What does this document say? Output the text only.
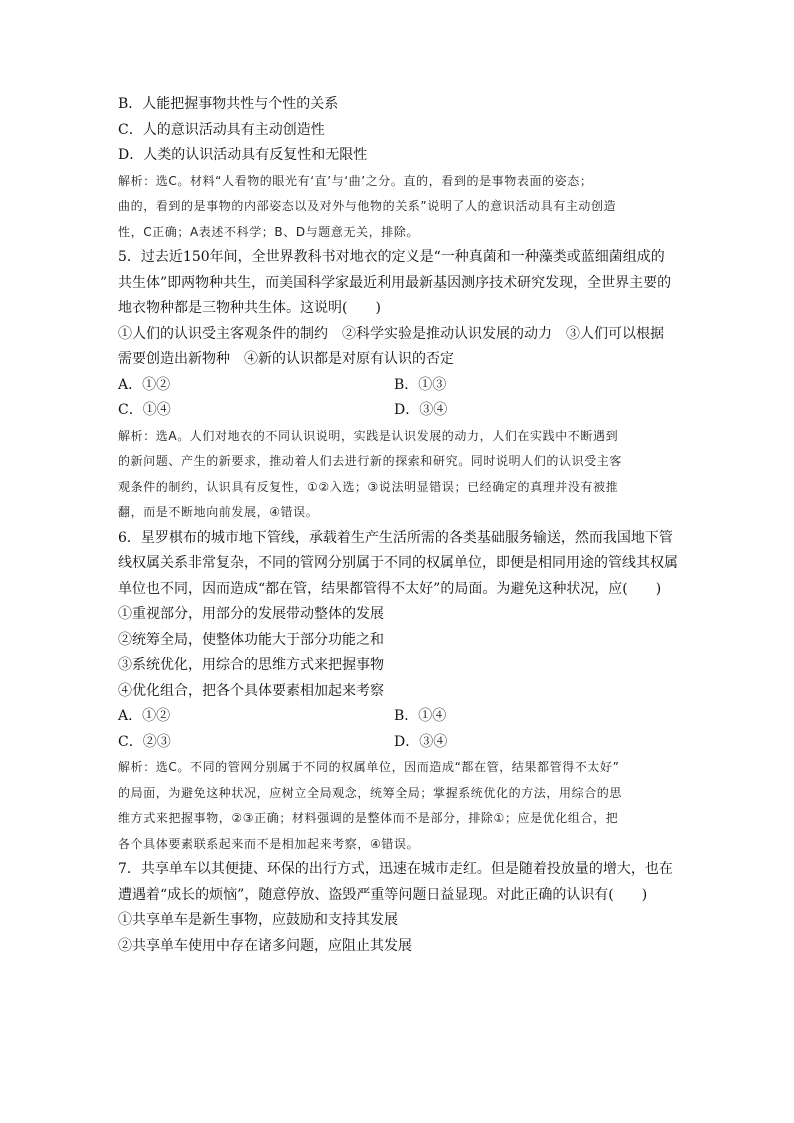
B．人能把握事物共性与个性的关系
C．人的意识活动具有主动创造性
D．人类的认识活动具有反复性和无限性
解析：选C。材料“人看物的眼光有‘直’与‘曲’之分。直的，看到的是事物表面的姿态；
曲的，看到的是事物的内部姿态以及对外与他物的关系”说明了人的意识活动具有主动创造
性，C正确；A表述不科学；B、D与题意无关，排除。
5．过去近150年间，全世界教科书对地衣的定义是“一种真菌和一种藻类或蓝细菌组成的
共生体”即两物种共生，而美国科学家最近利用最新基因测序技术研究发现，全世界主要的
地衣物种都是三物种共生体。这说明(　　)
①人们的认识受主客观条件的制约　②科学实验是推动认识发展的动力　③人们可以根据
需要创造出新物种　④新的认识都是对原有认识的否定
A．①②	B．①③
C．①④	D．③④
解析：选A。人们对地衣的不同认识说明，实践是认识发展的动力，人们在实践中不断遇到
的新问题、产生的新要求，推动着人们去进行新的探索和研究。同时说明人们的认识受主客
观条件的制约，认识具有反复性，①②入选；③说法明显错误；已经确定的真理并没有被推
翻，而是不断地向前发展，④错误。
6．星罗棋布的城市地下管线，承载着生产生活所需的各类基础服务输送，然而我国地下管
线权属关系非常复杂，不同的管网分别属于不同的权属单位，即便是相同用途的管线其权属
单位也不同，因而造成“都在管，结果都管得不太好”的局面。为避免这种状况，应(　　)
①重视部分，用部分的发展带动整体的发展
②统筹全局，使整体功能大于部分功能之和
③系统优化，用综合的思维方式来把握事物
④优化组合，把各个具体要素相加起来考察
A．①②	B．①④
C．②③	D．③④
解析：选C。不同的管网分别属于不同的权属单位，因而造成“都在管，结果都管得不太好”
的局面，为避免这种状况，应树立全局观念，统筹全局；掌握系统优化的方法，用综合的思
维方式来把握事物，②③正确；材料强调的是整体而不是部分，排除①；应是优化组合，把
各个具体要素联系起来而不是相加起来考察，④错误。
7．共享单车以其便捷、环保的出行方式，迅速在城市走红。但是随着投放量的增大，也在
遭遇着“成长的烦恼”，随意停放、盗毁严重等问题日益显现。对此正确的认识有(　　)
①共享单车是新生事物，应鼓励和支持其发展
②共享单车使用中存在诸多问题，应阻止其发展
